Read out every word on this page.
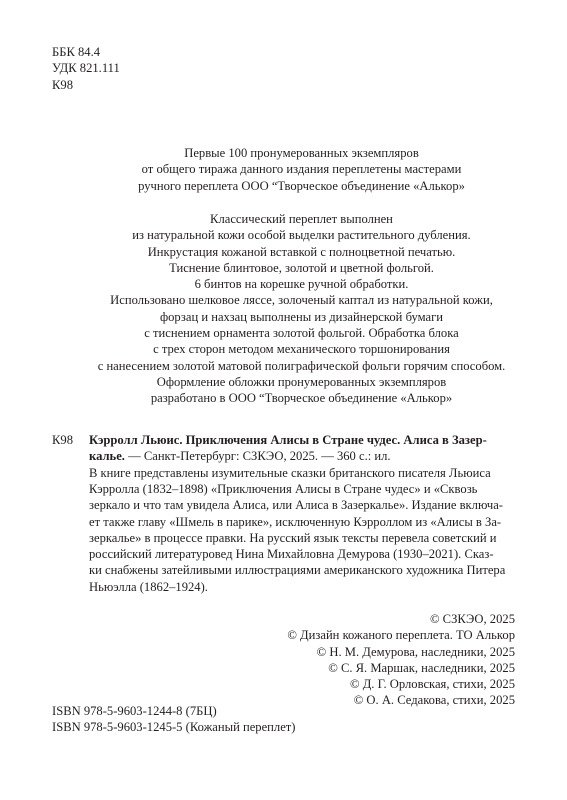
ББК 84.4
УДК 821.111
К98
Первые 100 пронумерованных экземпляров
от общего тиража данного издания переплетены мастерами
ручного переплета ООО “Творческое объединение «Алькор»
Классический переплет выполнен
из натуральной кожи особой выделки растительного дубления.
Инкрустация кожаной вставкой с полноцветной печатью.
Тиснение блинтовое, золотой и цветной фольгой.
6 бинтов на корешке ручной обработки.
Использовано шелковое ляссе, золоченый каптал из натуральной кожи,
форзац и нахзац выполнены из дизайнерской бумаги
с тиснением орнамента золотой фольгой. Обработка блока
с трех сторон методом механического торшонирования
с нанесением золотой матовой полиграфической фольги горячим способом.
Оформление обложки пронумерованных экземпляров
разработано в ООО “Творческое объединение «Алькор»
К98 Кэрролл Льюис. Приключения Алисы в Стране чудес. Алиса в Зазер-
калье. — Санкт-Петербург: СЗКЭО, 2025. — 360 с.: ил.
В книге представлены изумительные сказки британского писателя Льюиса
Кэрролла (1832–1898) «Приключения Алисы в Стране чудес» и «Сквозь
зеркало и что там увидела Алиса, или Алиса в Зазеркалье». Издание включа-
ет также главу «Шмель в парике», исключенную Кэрроллом из «Алисы в За-
зеркалье» в процессе правки. На русский язык тексты перевела советский и
российский литературовед Нина Михайловна Демурова (1930–2021). Сказ-
ки снабжены затейливыми иллюстрациями американского художника Питера
Ньюэлла (1862–1924).
© СЗКЭО, 2025
© Дизайн кожаного переплета. ТО Алькор
© Н. М. Демурова, наследники, 2025
© С. Я. Маршак, наследники, 2025
© Д. Г. Орловская, стихи, 2025
© О. А. Седакова, стихи, 2025
ISBN 978-5-9603-1244-8 (7БЦ)
ISBN 978-5-9603-1245-5 (Кожаный переплет)
